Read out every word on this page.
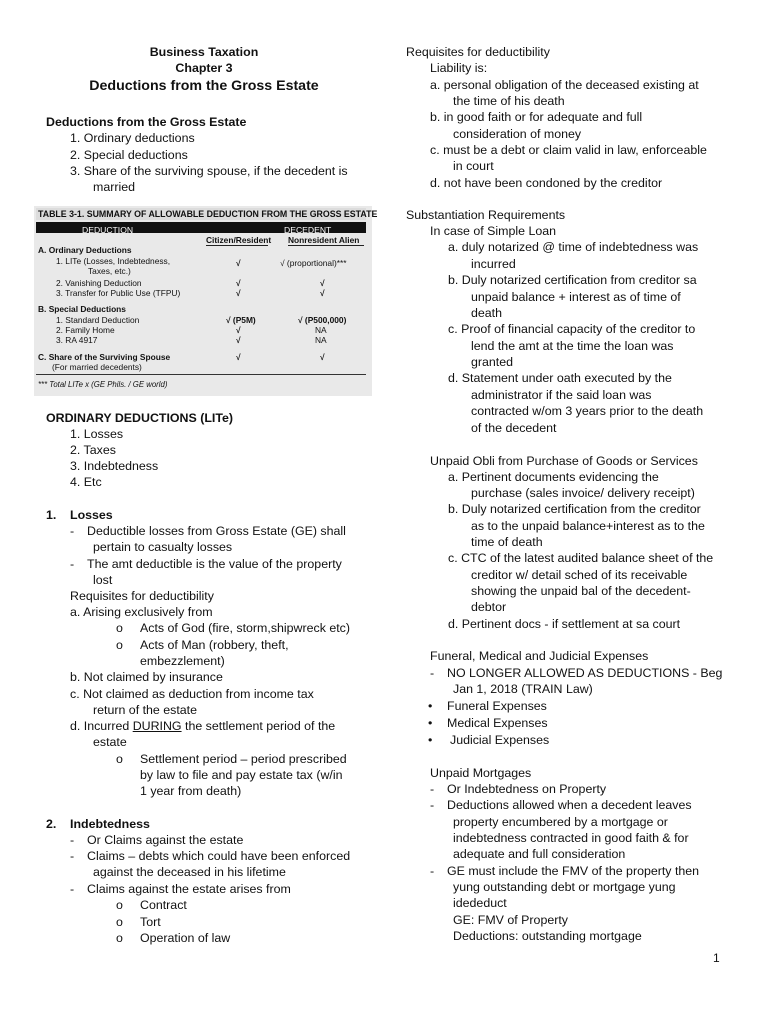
Business Taxation
Chapter 3
Deductions from the Gross Estate
Deductions from the Gross Estate
1. Ordinary deductions
2. Special deductions
3. Share of the surviving spouse, if the decedent is
married
TABLE 3-1. SUMMARY OF ALLOWABLE DEDUCTION FROM THE GROSS ESTATE
DEDUCTION	DECEDENT
Citizen/Resident Nonresident Alien
A. Ordinary Deductions
1. LITe (Losses, Indebtedness,
Taxes, etc.)
√	√ (proportional)***
2. Vanishing Deduction	√	√
3. Transfer for Public Use (TFPU)	√	√
B. Special Deductions
1. Standard Deduction	√ (P5M)	√ (P500,000)
2. Family Home	√	NA
3. RA 4917	√	NA
C. Share of the Surviving Spouse
(For married decedents)
√	√
*** Total LITe x (GE Phils. / GE world)
ORDINARY DEDUCTIONS (LITe)
1. Losses
2. Taxes
3. Indebtedness
4. Etc
1. Losses
- Deductible losses from Gross Estate (GE) shall
pertain to casualty losses
- The amt deductible is the value of the property
lost
Requisites for deductibility
a. Arising exclusively from
o Acts of God (fire, storm,shipwreck etc)
o Acts of Man (robbery, theft,
embezzlement)
b. Not claimed by insurance
c. Not claimed as deduction from income tax
return of the estate
d. Incurred DURING the settlement period of the
estate
o Settlement period – period prescribed
by law to file and pay estate tax (w/in
1 year from death)
2. Indebtedness
- Or Claims against the estate
- Claims – debts which could have been enforced
against the deceased in his lifetime
- Claims against the estate arises from
o Contract
o Tort
o Operation of law
Requisites for deductibility
Liability is:
a. personal obligation of the deceased existing at
the time of his death
b. in good faith or for adequate and full
consideration of money
c. must be a debt or claim valid in law, enforceable
in court
d. not have been condoned by the creditor
Substantiation Requirements
In case of Simple Loan
a. duly notarized @ time of indebtedness was
incurred
b. Duly notarized certification from creditor sa
unpaid balance + interest as of time of
death
c. Proof of financial capacity of the creditor to
lend the amt at the time the loan was
granted
d. Statement under oath executed by the
administrator if the said loan was
contracted w/om 3 years prior to the death
of the decedent
Unpaid Obli from Purchase of Goods or Services
a. Pertinent documents evidencing the
purchase (sales invoice/ delivery receipt)
b. Duly notarized certification from the creditor
as to the unpaid balance+interest as to the
time of death
c. CTC of the latest audited balance sheet of the
creditor w/ detail sched of its receivable
showing the unpaid bal of the decedent-
debtor
d. Pertinent docs - if settlement at sa court
Funeral, Medical and Judicial Expenses
- NO LONGER ALLOWED AS DEDUCTIONS - Beg
Jan 1, 2018 (TRAIN Law)
• Funeral Expenses
• Medical Expenses
• Judicial Expenses
Unpaid Mortgages
- Or Indebtedness on Property
- Deductions allowed when a decedent leaves
property encumbered by a mortgage or
indebtedness contracted in good faith & for
adequate and full consideration
- GE must include the FMV of the property then
yung outstanding debt or mortgage yung
idededuct
GE: FMV of Property
Deductions: outstanding mortgage
1
